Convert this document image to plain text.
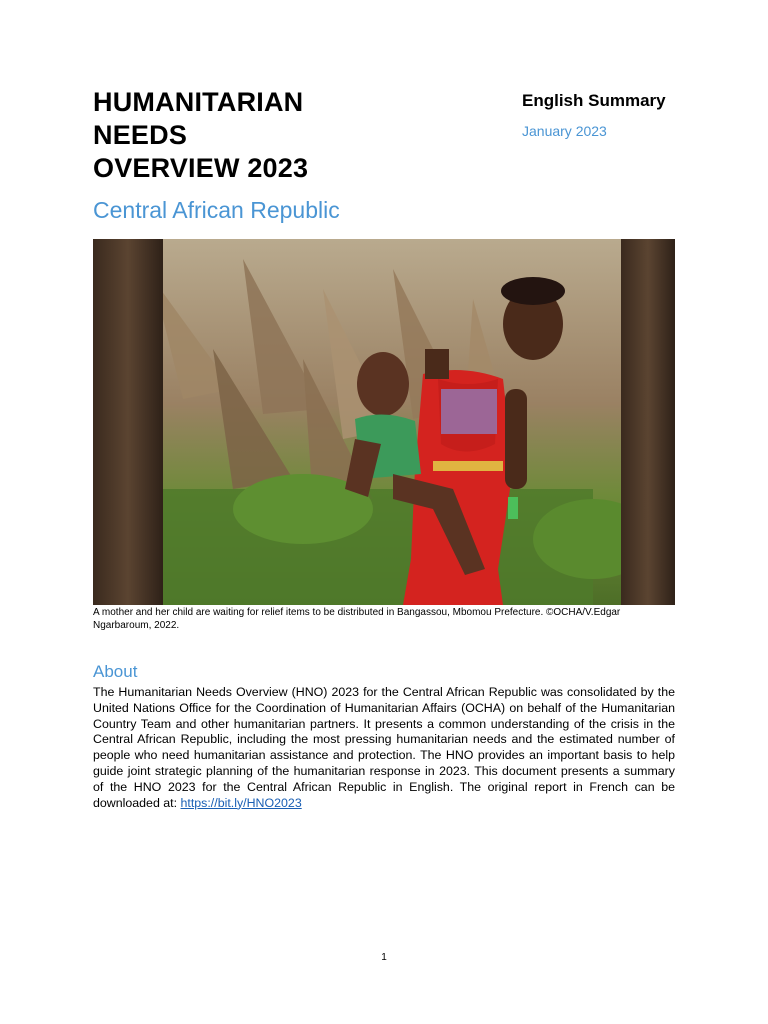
HUMANITARIAN
NEEDS
OVERVIEW 2023
English Summary
January 2023
Central African Republic
A mother and her child are waiting for relief items to be distributed in Bangassou, Mbomou Prefecture. ©OCHA/V.Edgar Ngarbaroum, 2022.
About

The Humanitarian Needs Overview (HNO) 2023 for the Central African Republic was consolidated by the United Nations Office for the Coordination of Humanitarian Affairs (OCHA) on behalf of the Humanitarian Country Team and other humanitarian partners. It presents a common understanding of the crisis in the Central African Republic, including the most pressing humanitarian needs and the estimated number of people who need humanitarian assistance and protection. The HNO provides an important basis to help guide joint strategic planning of the humanitarian response in 2023. This document presents a summary of the HNO 2023 for the Central African Republic in English. The original report in French can be downloaded at: https://bit.ly/HNO2023

1
